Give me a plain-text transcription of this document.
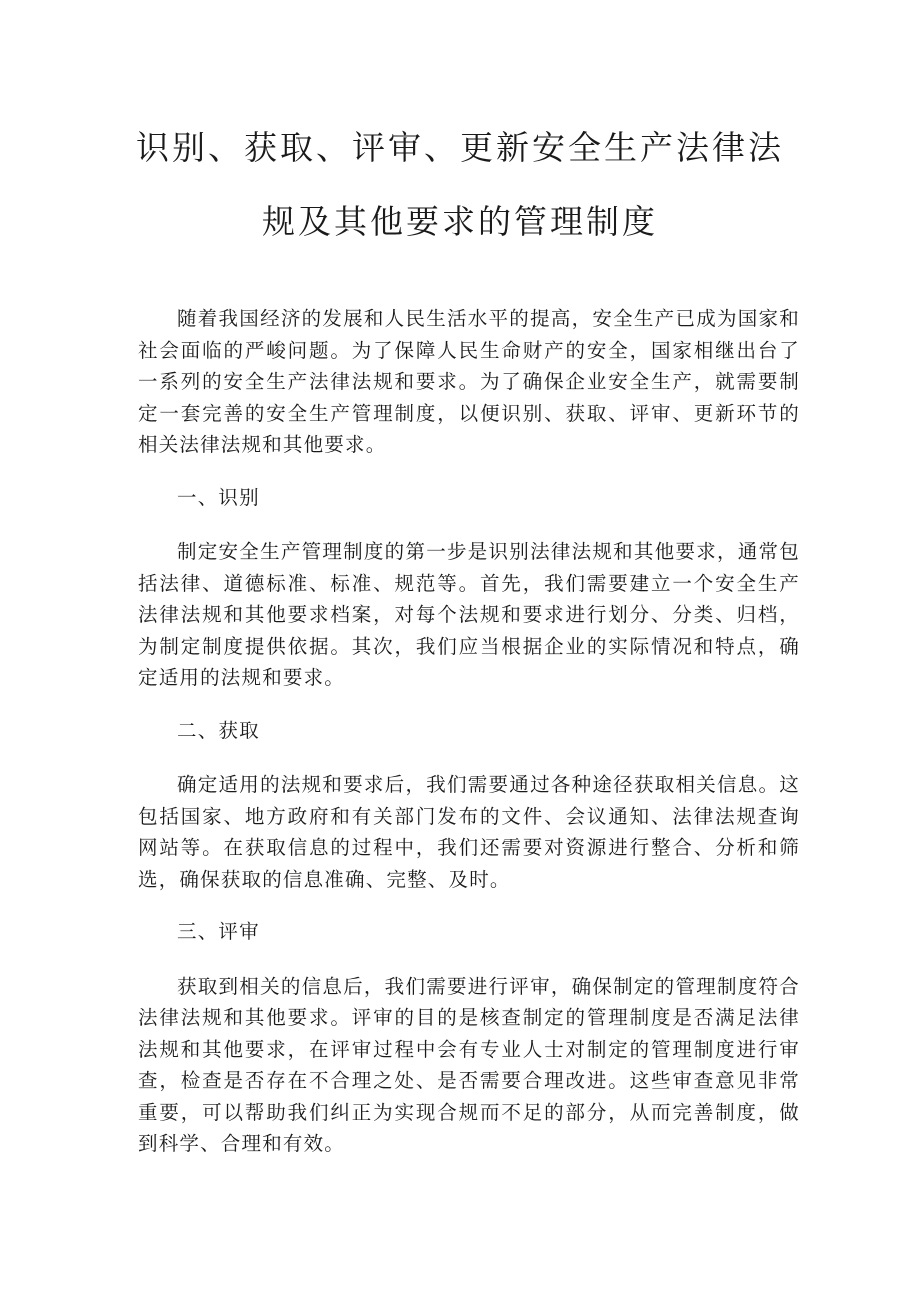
识别、获取、评审、更新安全生产法律法
规及其他要求的管理制度

随着我国经济的发展和人民生活水平的提高，安全生产已成为国家和社会面临的严峻问题。为了保障人民生命财产的安全，国家相继出台了一系列的安全生产法律法规和要求。为了确保企业安全生产，就需要制定一套完善的安全生产管理制度，以便识别、获取、评审、更新环节的相关法律法规和其他要求。

一、识别

制定安全生产管理制度的第一步是识别法律法规和其他要求，通常包括法律、道德标准、标准、规范等。首先，我们需要建立一个安全生产法律法规和其他要求档案，对每个法规和要求进行划分、分类、归档，为制定制度提供依据。其次，我们应当根据企业的实际情况和特点，确定适用的法规和要求。

二、获取

确定适用的法规和要求后，我们需要通过各种途径获取相关信息。这包括国家、地方政府和有关部门发布的文件、会议通知、法律法规查询网站等。在获取信息的过程中，我们还需要对资源进行整合、分析和筛选，确保获取的信息准确、完整、及时。

三、评审

获取到相关的信息后，我们需要进行评审，确保制定的管理制度符合法律法规和其他要求。评审的目的是核查制定的管理制度是否满足法律法规和其他要求，在评审过程中会有专业人士对制定的管理制度进行审查，检查是否存在不合理之处、是否需要合理改进。这些审查意见非常重要，可以帮助我们纠正为实现合规而不足的部分，从而完善制度，做到科学、合理和有效。
